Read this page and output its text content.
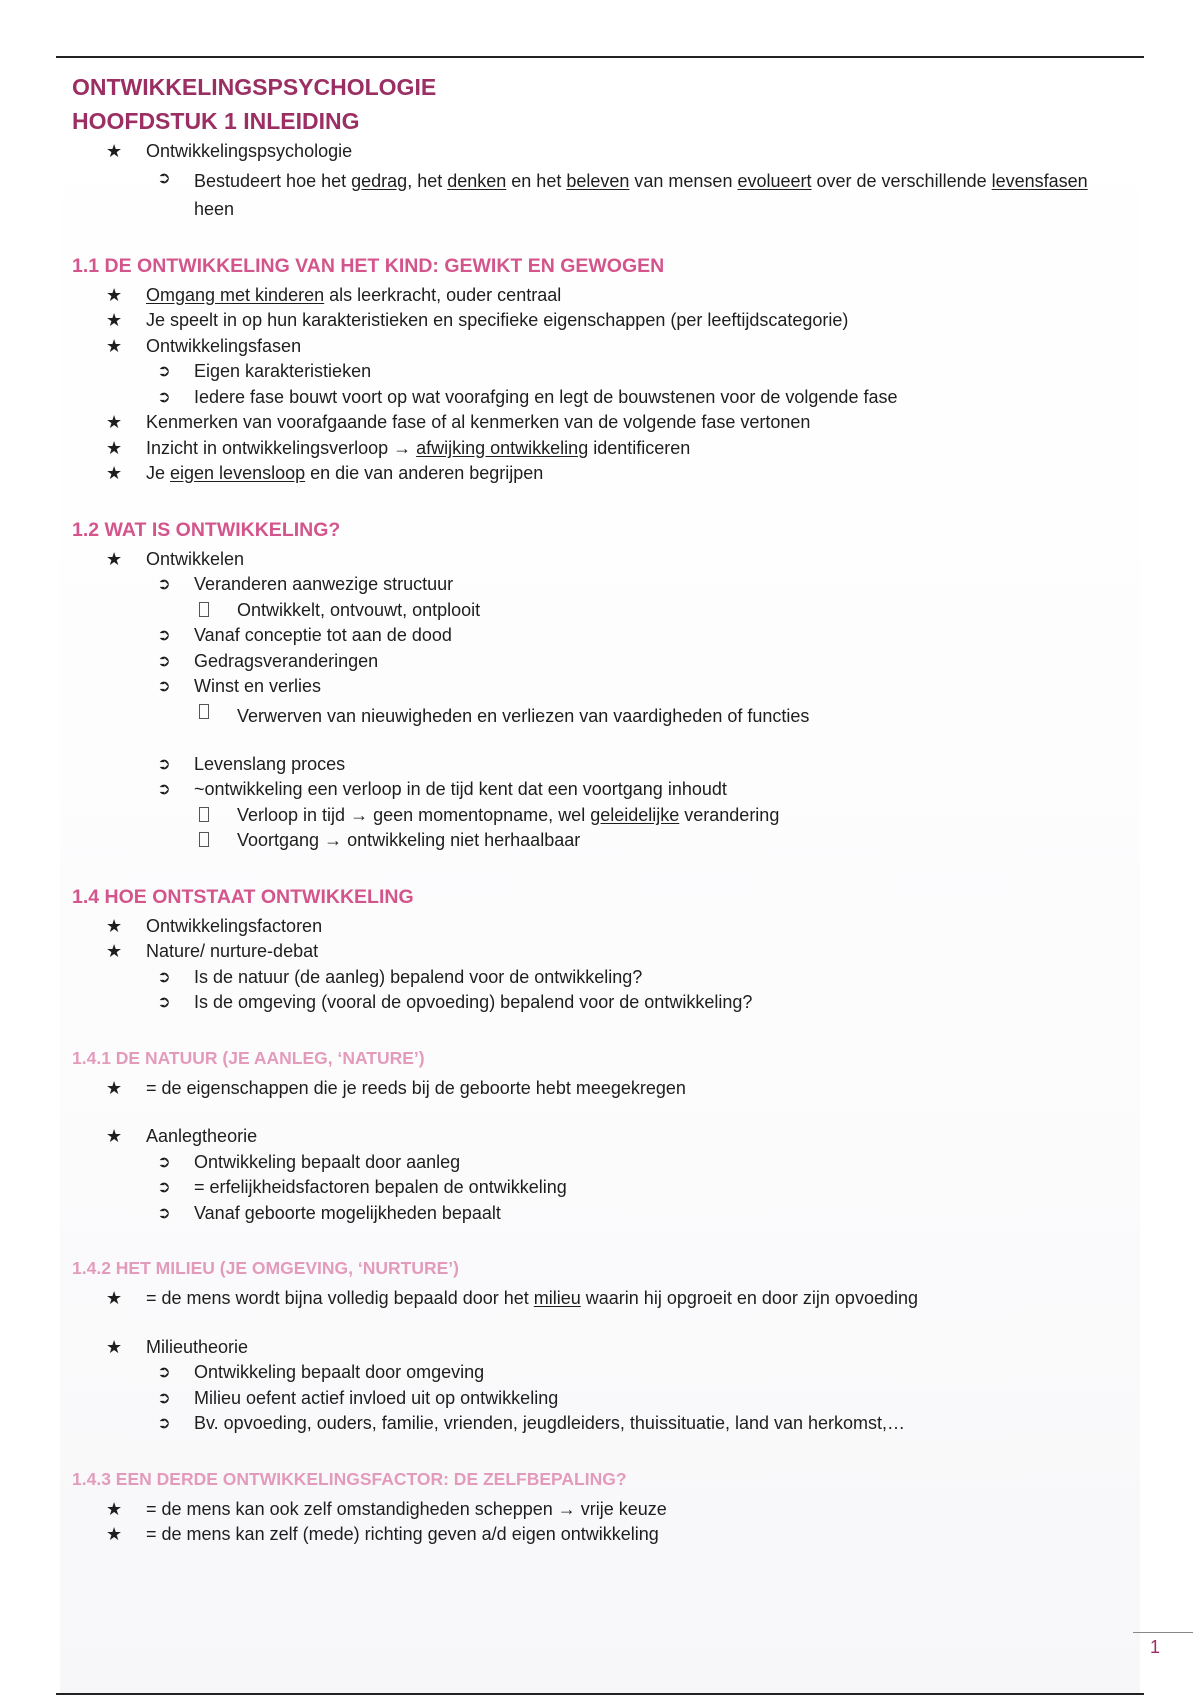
ONTWIKKELINGSPSYCHOLOGIE
HOOFDSTUK 1 INLEIDING
★ Ontwikkelingspsychologie
➲ Bestudeert hoe het gedrag, het denken en het beleven van mensen evolueert over de verschillende levensfasen heen
1.1 DE ONTWIKKELING VAN HET KIND: GEWIKT EN GEWOGEN
★ Omgang met kinderen als leerkracht, ouder centraal
★ Je speelt in op hun karakteristieken en specifieke eigenschappen (per leeftijdscategorie)
★ Ontwikkelingsfasen
➲ Eigen karakteristieken
➲ Iedere fase bouwt voort op wat voorafging en legt de bouwstenen voor de volgende fase
★ Kenmerken van voorafgaande fase of al kenmerken van de volgende fase vertonen
★ Inzicht in ontwikkelingsverloop → afwijking ontwikkeling identificeren
★ Je eigen levensloop en die van anderen begrijpen
1.2 WAT IS ONTWIKKELING?
★ Ontwikkelen
➲ Veranderen aanwezige structuur
Ontwikkelt, ontvouwt, ontplooit
➲ Vanaf conceptie tot aan de dood
➲ Gedragsveranderingen
➲ Winst en verlies
Verwerven van nieuwigheden en verliezen van vaardigheden of functies
➲ Levenslang proces
➲ ~ontwikkeling een verloop in de tijd kent dat een voortgang inhoudt
Verloop in tijd → geen momentopname, wel geleidelijke verandering
Voortgang → ontwikkeling niet herhaalbaar
1.4 HOE ONTSTAAT ONTWIKKELING
★ Ontwikkelingsfactoren
★ Nature/ nurture-debat
➲ Is de natuur (de aanleg) bepalend voor de ontwikkeling?
➲ Is de omgeving (vooral de opvoeding) bepalend voor de ontwikkeling?
1.4.1 DE NATUUR (JE AANLEG, ‘NATURE’)
★ = de eigenschappen die je reeds bij de geboorte hebt meegekregen
★ Aanlegtheorie
➲ Ontwikkeling bepaalt door aanleg
➲ = erfelijkheidsfactoren bepalen de ontwikkeling
➲ Vanaf geboorte mogelijkheden bepaalt
1.4.2 HET MILIEU (JE OMGEVING, ‘NURTURE’)
★ = de mens wordt bijna volledig bepaald door het milieu waarin hij opgroeit en door zijn opvoeding
★ Milieutheorie
➲ Ontwikkeling bepaalt door omgeving
➲ Milieu oefent actief invloed uit op ontwikkeling
➲ Bv. opvoeding, ouders, familie, vrienden, jeugdleiders, thuissituatie, land van herkomst,…
1.4.3 EEN DERDE ONTWIKKELINGSFACTOR: DE ZELFBEPALING?
★ = de mens kan ook zelf omstandigheden scheppen → vrije keuze
★ = de mens kan zelf (mede) richting geven a/d eigen ontwikkeling
1
